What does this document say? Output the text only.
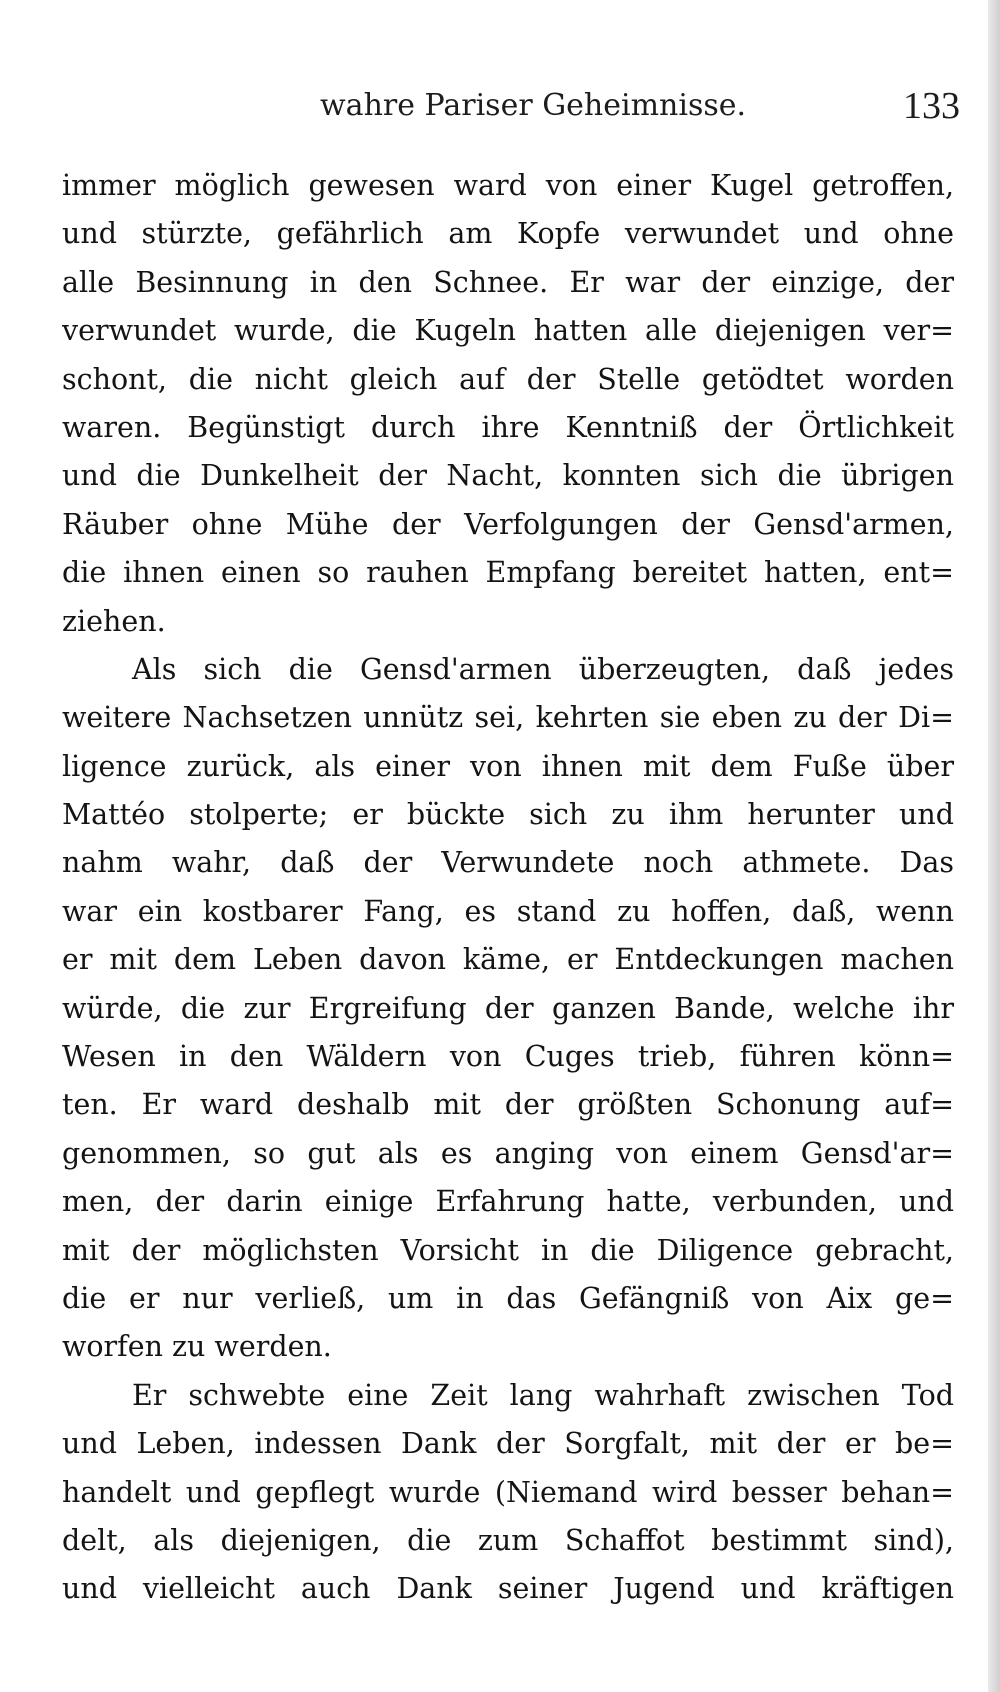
wahre Pariser Geheimnisse.	133
immer möglich gewesen ward von einer Kugel getroffen,
und stürzte, gefährlich am Kopfe verwundet und ohne
alle Besinnung in den Schnee. Er war der einzige, der
verwundet wurde, die Kugeln hatten alle diejenigen ver=
schont, die nicht gleich auf der Stelle getödtet worden
waren. Begünstigt durch ihre Kenntniß der Örtlichkeit
und die Dunkelheit der Nacht, konnten sich die übrigen
Räuber ohne Mühe der Verfolgungen der Gensd'armen,
die ihnen einen so rauhen Empfang bereitet hatten, ent=
ziehen.
Als sich die Gensd'armen überzeugten, daß jedes
weitere Nachsetzen unnütz sei, kehrten sie eben zu der Di=
ligence zurück, als einer von ihnen mit dem Fuße über
Mattéo stolperte; er bückte sich zu ihm herunter und
nahm wahr, daß der Verwundete noch athmete. Das
war ein kostbarer Fang, es stand zu hoffen, daß, wenn
er mit dem Leben davon käme, er Entdeckungen machen
würde, die zur Ergreifung der ganzen Bande, welche ihr
Wesen in den Wäldern von Cuges trieb, führen könn=
ten. Er ward deshalb mit der größten Schonung auf=
genommen, so gut als es anging von einem Gensd'ar=
men, der darin einige Erfahrung hatte, verbunden, und
mit der möglichsten Vorsicht in die Diligence gebracht,
die er nur verließ, um in das Gefängniß von Aix ge=
worfen zu werden.
Er schwebte eine Zeit lang wahrhaft zwischen Tod
und Leben, indessen Dank der Sorgfalt, mit der er be=
handelt und gepflegt wurde (Niemand wird besser behan=
delt, als diejenigen, die zum Schaffot bestimmt sind),
und vielleicht auch Dank seiner Jugend und kräftigen
